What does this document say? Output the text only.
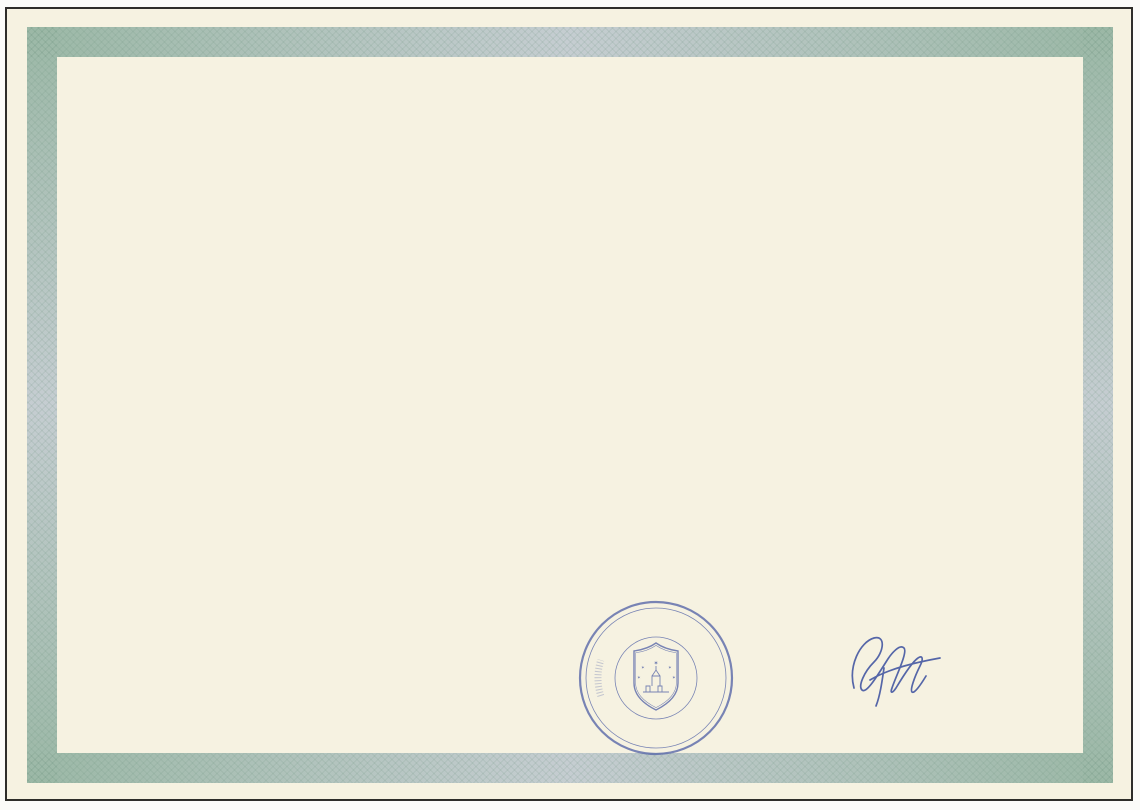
✶
✶	✶
✶	✶
